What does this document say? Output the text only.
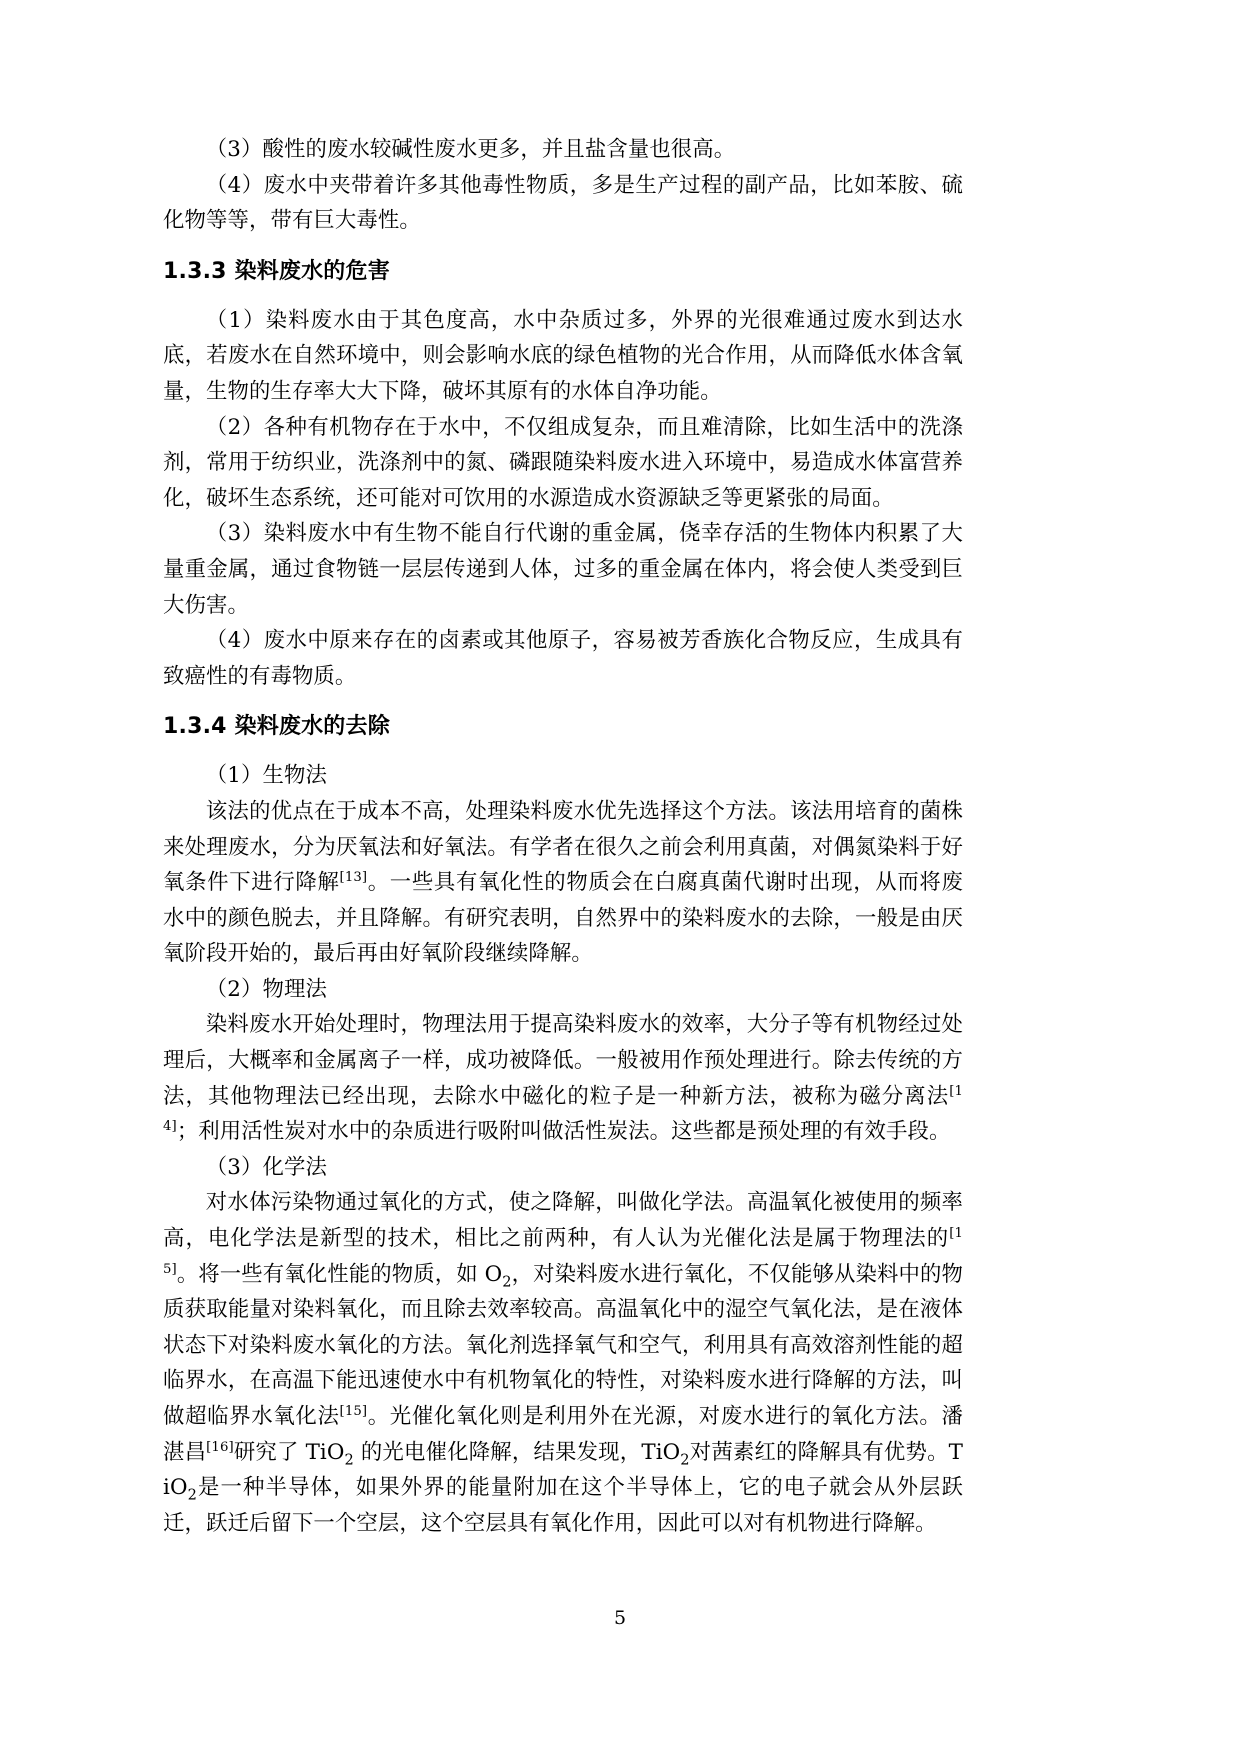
（3）酸性的废水较碱性废水更多，并且盐含量也很高。

（4）废水中夹带着许多其他毒性物质，多是生产过程的副产品，比如苯胺、硫化物等等，带有巨大毒性。

1.3.3 染料废水的危害

（1）染料废水由于其色度高，水中杂质过多，外界的光很难通过废水到达水底，若废水在自然环境中，则会影响水底的绿色植物的光合作用，从而降低水体含氧量，生物的生存率大大下降，破坏其原有的水体自净功能。

（2）各种有机物存在于水中，不仅组成复杂，而且难清除，比如生活中的洗涤剂，常用于纺织业，洗涤剂中的氮、磷跟随染料废水进入环境中，易造成水体富营养化，破坏生态系统，还可能对可饮用的水源造成水资源缺乏等更紧张的局面。

（3）染料废水中有生物不能自行代谢的重金属，侥幸存活的生物体内积累了大量重金属，通过食物链一层层传递到人体，过多的重金属在体内，将会使人类受到巨大伤害。

（4）废水中原来存在的卤素或其他原子，容易被芳香族化合物反应，生成具有致癌性的有毒物质。

1.3.4 染料废水的去除

（1）生物法

该法的优点在于成本不高，处理染料废水优先选择这个方法。该法用培育的菌株来处理废水，分为厌氧法和好氧法。有学者在很久之前会利用真菌，对偶氮染料于好氧条件下进行降解[13]。一些具有氧化性的物质会在白腐真菌代谢时出现，从而将废水中的颜色脱去，并且降解。有研究表明，自然界中的染料废水的去除，一般是由厌氧阶段开始的，最后再由好氧阶段继续降解。

（2）物理法

染料废水开始处理时，物理法用于提高染料废水的效率，大分子等有机物经过处理后，大概率和金属离子一样，成功被降低。一般被用作预处理进行。除去传统的方法，其他物理法已经出现，去除水中磁化的粒子是一种新方法，被称为磁分离法[14]；利用活性炭对水中的杂质进行吸附叫做活性炭法。这些都是预处理的有效手段。

（3）化学法

对水体污染物通过氧化的方式，使之降解，叫做化学法。高温氧化被使用的频率高，电化学法是新型的技术，相比之前两种，有人认为光催化法是属于物理法的[15]。将一些有氧化性能的物质，如 $O_2$，对染料废水进行氧化，不仅能够从染料中的物质获取能量对染料氧化，而且除去效率较高。高温氧化中的湿空气氧化法，是在液体状态下对染料废水氧化的方法。氧化剂选择氧气和空气，利用具有高效溶剂性能的超临界水，在高温下能迅速使水中有机物氧化的特性，对染料废水进行降解的方法，叫做超临界水氧化法[15]。光催化氧化则是利用外在光源，对废水进行的氧化方法。潘湛昌[16]研究了 TiO$_2$ 的光电催化降解，结果发现，TiO$_2$对茜素红的降解具有优势。TiO$_2$是一种半导体，如果外界的能量附加在这个半导体上，它的电子就会从外层跃迁，跃迁后留下一个空层，这个空层具有氧化作用，因此可以对有机物进行降解。

5
